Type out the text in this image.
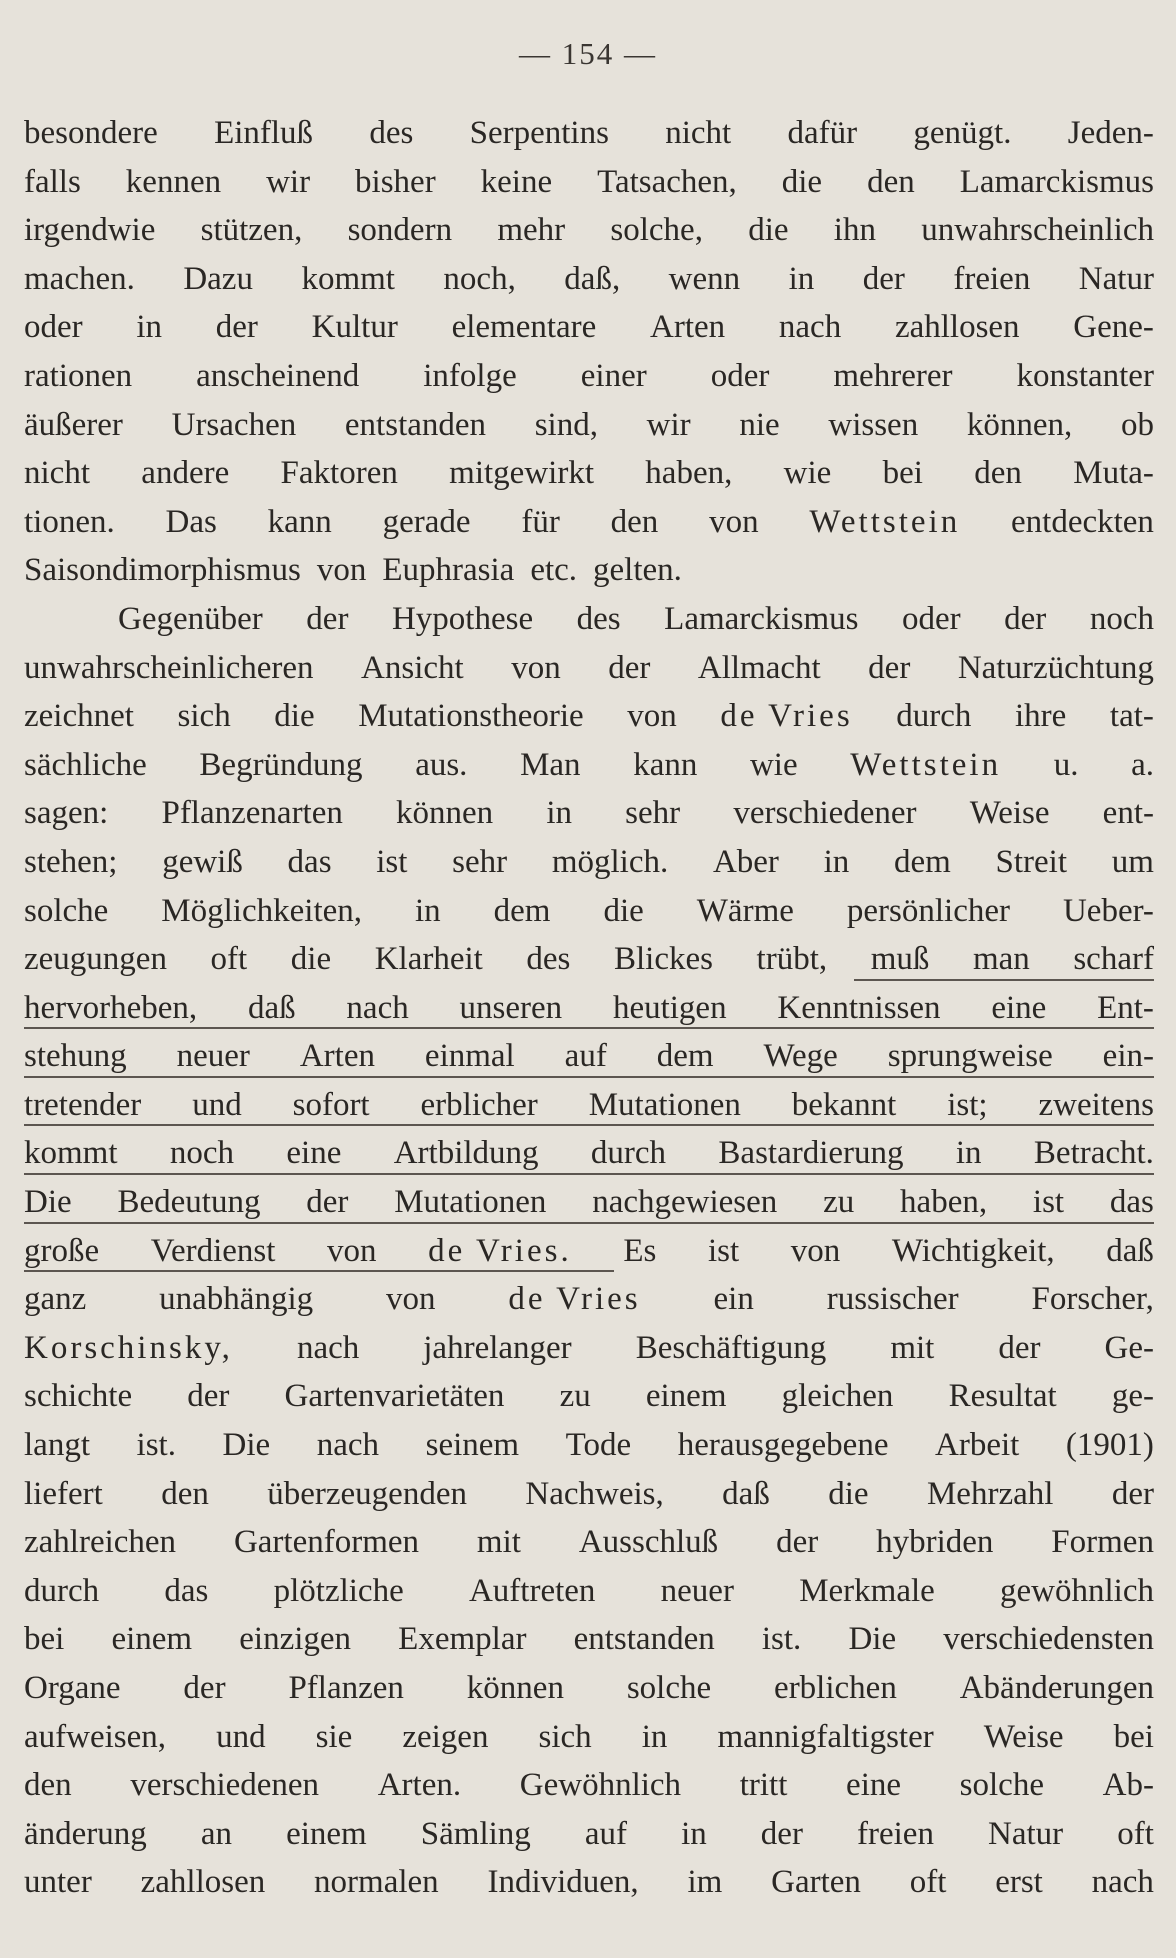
— 154 —
besondere Einfluß des Serpentins nicht dafür genügt. Jeden-
falls kennen wir bisher keine Tatsachen, die den Lamarckismus
irgendwie stützen, sondern mehr solche, die ihn unwahrscheinlich
machen. Dazu kommt noch, daß, wenn in der freien Natur
oder in der Kultur elementare Arten nach zahllosen Gene-
rationen anscheinend infolge einer oder mehrerer konstanter
äußerer Ursachen entstanden sind, wir nie wissen können, ob
nicht andere Faktoren mitgewirkt haben, wie bei den Muta-
tionen. Das kann gerade für den von Wettstein entdeckten
Saisondimorphismus von Euphrasia etc. gelten.
Gegenüber der Hypothese des Lamarckismus oder der noch
unwahrscheinlicheren Ansicht von der Allmacht der Naturzüchtung
zeichnet sich die Mutationstheorie von de Vries durch ihre tat-
sächliche Begründung aus. Man kann wie Wettstein u. a.
sagen: Pflanzenarten können in sehr verschiedener Weise ent-
stehen; gewiß das ist sehr möglich. Aber in dem Streit um
solche Möglichkeiten, in dem die Wärme persönlicher Ueber-
zeugungen oft die Klarheit des Blickes trübt, muß man scharf
hervorheben, daß nach unseren heutigen Kenntnissen eine Ent-
stehung neuer Arten einmal auf dem Wege sprungweise ein-
tretender und sofort erblicher Mutationen bekannt ist; zweitens
kommt noch eine Artbildung durch Bastardierung in Betracht.
Die Bedeutung der Mutationen nachgewiesen zu haben, ist das
große Verdienst von de Vries. Es ist von Wichtigkeit, daß
ganz unabhängig von de Vries ein russischer Forscher,
Korschinsky, nach jahrelanger Beschäftigung mit der Ge-
schichte der Gartenvarietäten zu einem gleichen Resultat ge-
langt ist. Die nach seinem Tode herausgegebene Arbeit (1901)
liefert den überzeugenden Nachweis, daß die Mehrzahl der
zahlreichen Gartenformen mit Ausschluß der hybriden Formen
durch das plötzliche Auftreten neuer Merkmale gewöhnlich
bei einem einzigen Exemplar entstanden ist. Die verschiedensten
Organe der Pflanzen können solche erblichen Abänderungen
aufweisen, und sie zeigen sich in mannigfaltigster Weise bei
den verschiedenen Arten. Gewöhnlich tritt eine solche Ab-
änderung an einem Sämling auf in der freien Natur oft
unter zahllosen normalen Individuen, im Garten oft erst nach
